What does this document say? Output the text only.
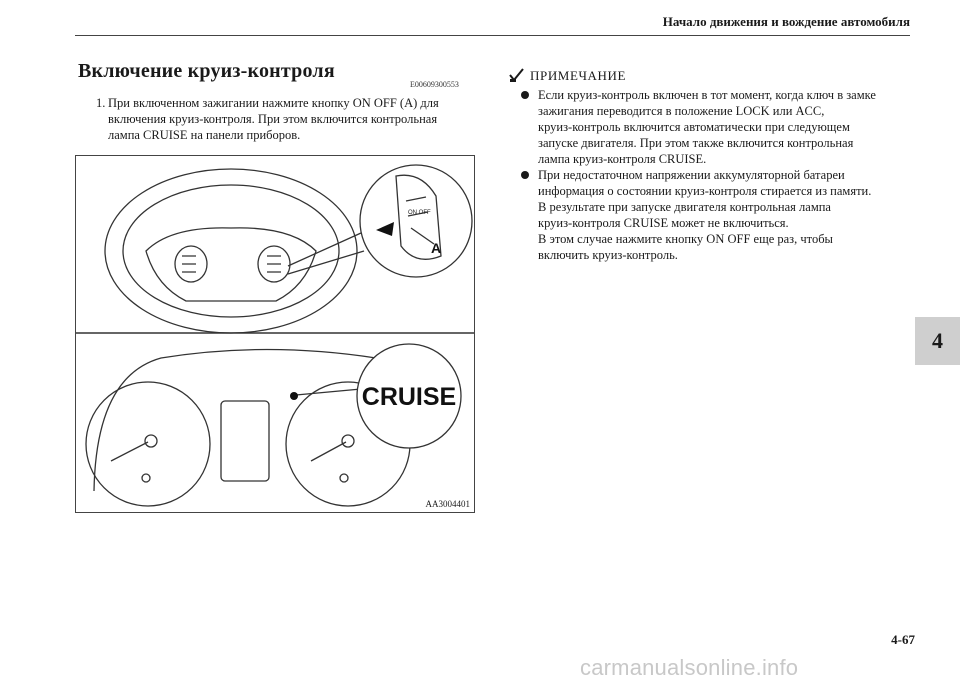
Начало движения и вождение автомобиля
Включение круиз-контроля
E00609300553
1. При включенном зажигании нажмите кнопку ON OFF (A) для
включения круиз-контроля. При этом включится контрольная
лампа CRUISE на панели приборов.
ON OFF
A
CRUISE
AA3004401
ПРИМЕЧАНИЕ
Если круиз-контроль включен в тот момент, когда ключ в замке
зажигания переводится в положение LOCK или ACC,
круиз-контроль включится автоматически при следующем
запуске двигателя. При этом также включится контрольная
лампа круиз-контроля CRUISE.
При недостаточном напряжении аккумуляторной батареи
информация о состоянии круиз-контроля стирается из памяти.
В результате при запуске двигателя контрольная лампа
круиз-контроля CRUISE может не включиться.
В этом случае нажмите кнопку ON OFF еще раз, чтобы
включить круиз-контроль.
4
4-67
carmanualsonline.info
